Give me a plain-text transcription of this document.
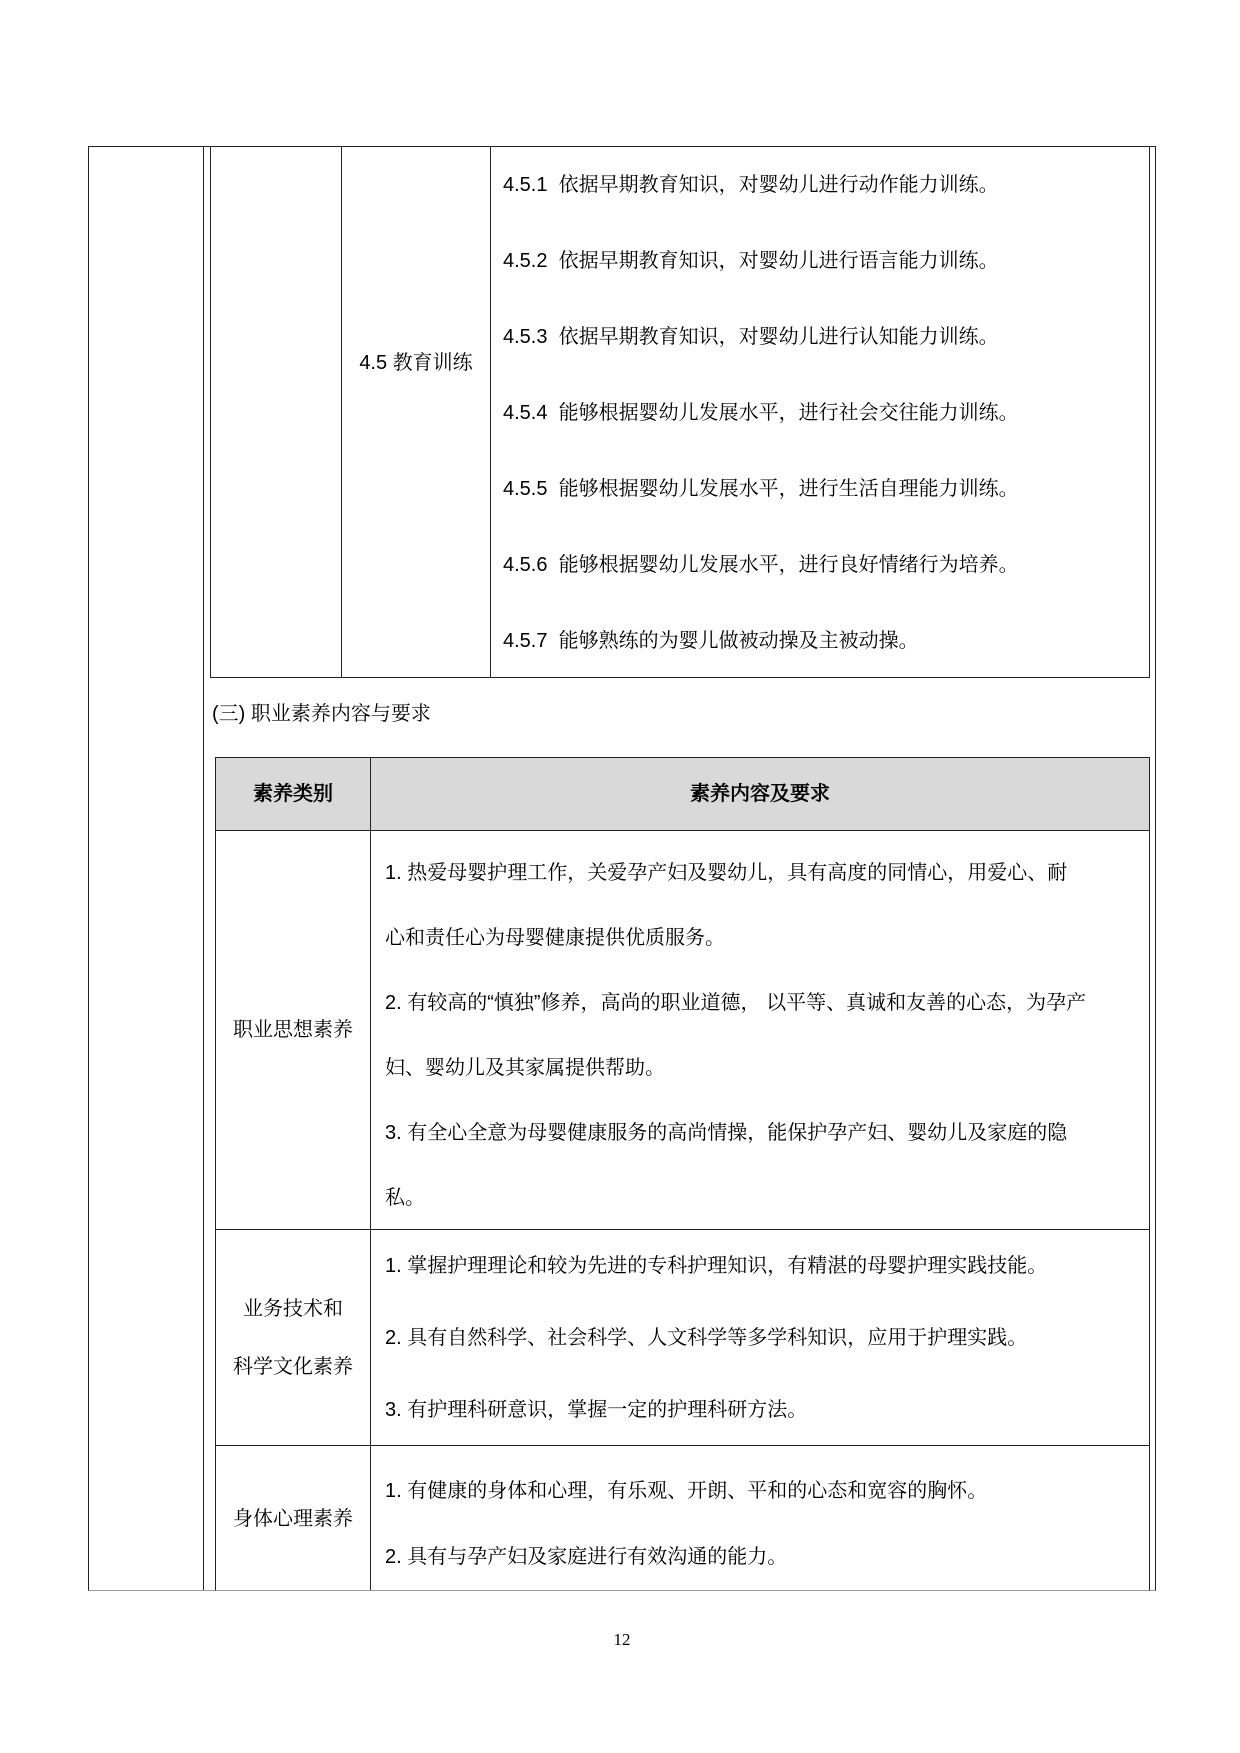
4.5 教育训练
4.5.1  依据早期教育知识，对婴幼儿进行动作能力训练。
4.5.2  依据早期教育知识，对婴幼儿进行语言能力训练。
4.5.3  依据早期教育知识，对婴幼儿进行认知能力训练。
4.5.4  能够根据婴幼儿发展水平，进行社会交往能力训练。
4.5.5  能够根据婴幼儿发展水平，进行生活自理能力训练。
4.5.6  能够根据婴幼儿发展水平，进行良好情绪行为培养。
4.5.7  能够熟练的为婴儿做被动操及主被动操。
(三) 职业素养内容与要求
素养类别	素养内容及要求
职业思想素养
1. 热爱母婴护理工作，关爱孕产妇及婴幼儿，具有高度的同情心，用爱心、耐
心和责任心为母婴健康提供优质服务。
2. 有较高的“慎独”修养，高尚的职业道德， 以平等、真诚和友善的心态，为孕产
妇、婴幼儿及其家属提供帮助。
3. 有全心全意为母婴健康服务的高尚情操，能保护孕产妇、婴幼儿及家庭的隐
私。
业务技术和
科学文化素养
1. 掌握护理理论和较为先进的专科护理知识，有精湛的母婴护理实践技能。
2. 具有自然科学、社会科学、人文科学等多学科知识，应用于护理实践。
3. 有护理科研意识，掌握一定的护理科研方法。
身体心理素养
1. 有健康的身体和心理，有乐观、开朗、平和的心态和宽容的胸怀。
2. 具有与孕产妇及家庭进行有效沟通的能力。
12
